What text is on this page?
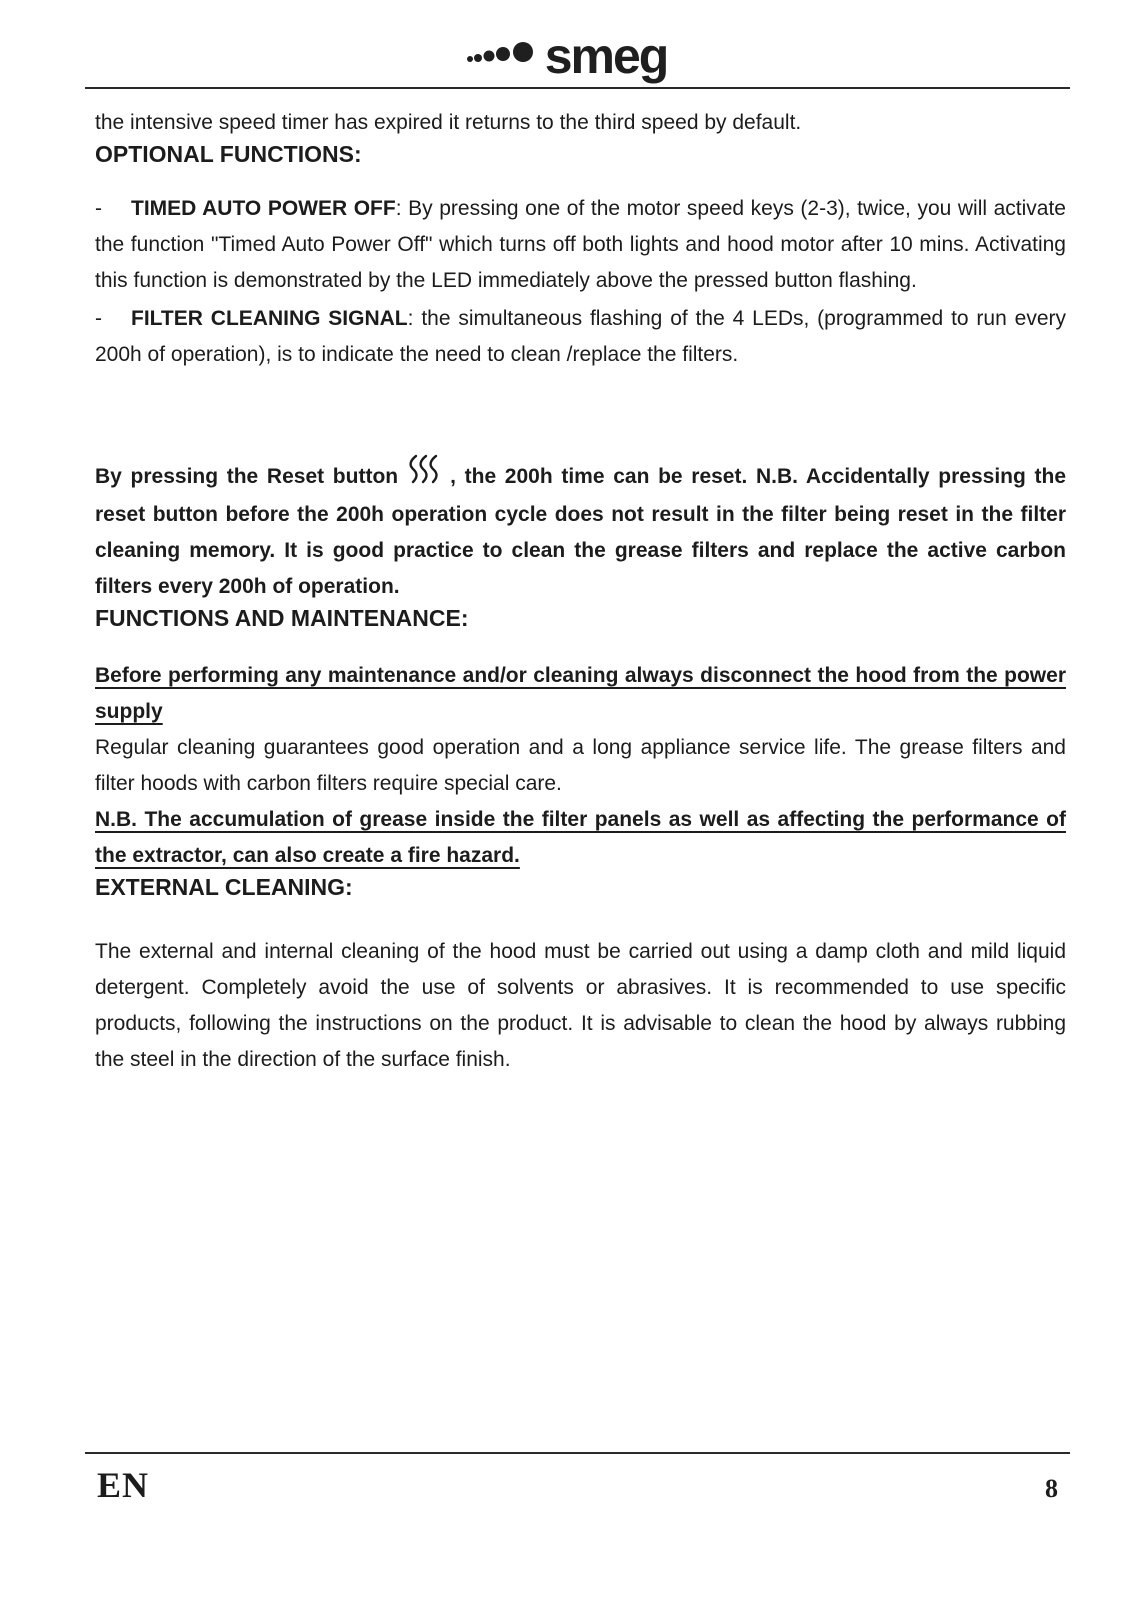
smeg

the intensive speed timer has expired it returns to the third speed by default.

OPTIONAL FUNCTIONS:

- TIMED AUTO POWER OFF: By pressing one of the motor speed keys (2-3), twice, you will activate the function "Timed Auto Power Off" which turns off both lights and hood motor after 10 mins. Activating this function is demonstrated by the LED immediately above the pressed button flashing.

- FILTER CLEANING SIGNAL: the simultaneous flashing of the 4 LEDs, (programmed to run every 200h of operation), is to indicate the need to clean /replace the filters.

By pressing the Reset button , the 200h time can be reset. N.B. Accidentally pressing the reset button before the 200h operation cycle does not result in the filter being reset in the filter cleaning memory. It is good practice to clean the grease filters and replace the active carbon filters every 200h of operation.

FUNCTIONS AND MAINTENANCE:

Before performing any maintenance and/or cleaning always disconnect the hood from the power supply

Regular cleaning guarantees good operation and a long appliance service life. The grease filters and filter hoods with carbon filters require special care.

N.B. The accumulation of grease inside the filter panels as well as affecting the performance of the extractor, can also create a fire hazard.

EXTERNAL CLEANING:

The external and internal cleaning of the hood must be carried out using a damp cloth and mild liquid detergent. Completely avoid the use of solvents or abrasives. It is recommended to use specific products, following the instructions on the product. It is advisable to clean the hood by always rubbing the steel in the direction of the surface finish.

EN	8
